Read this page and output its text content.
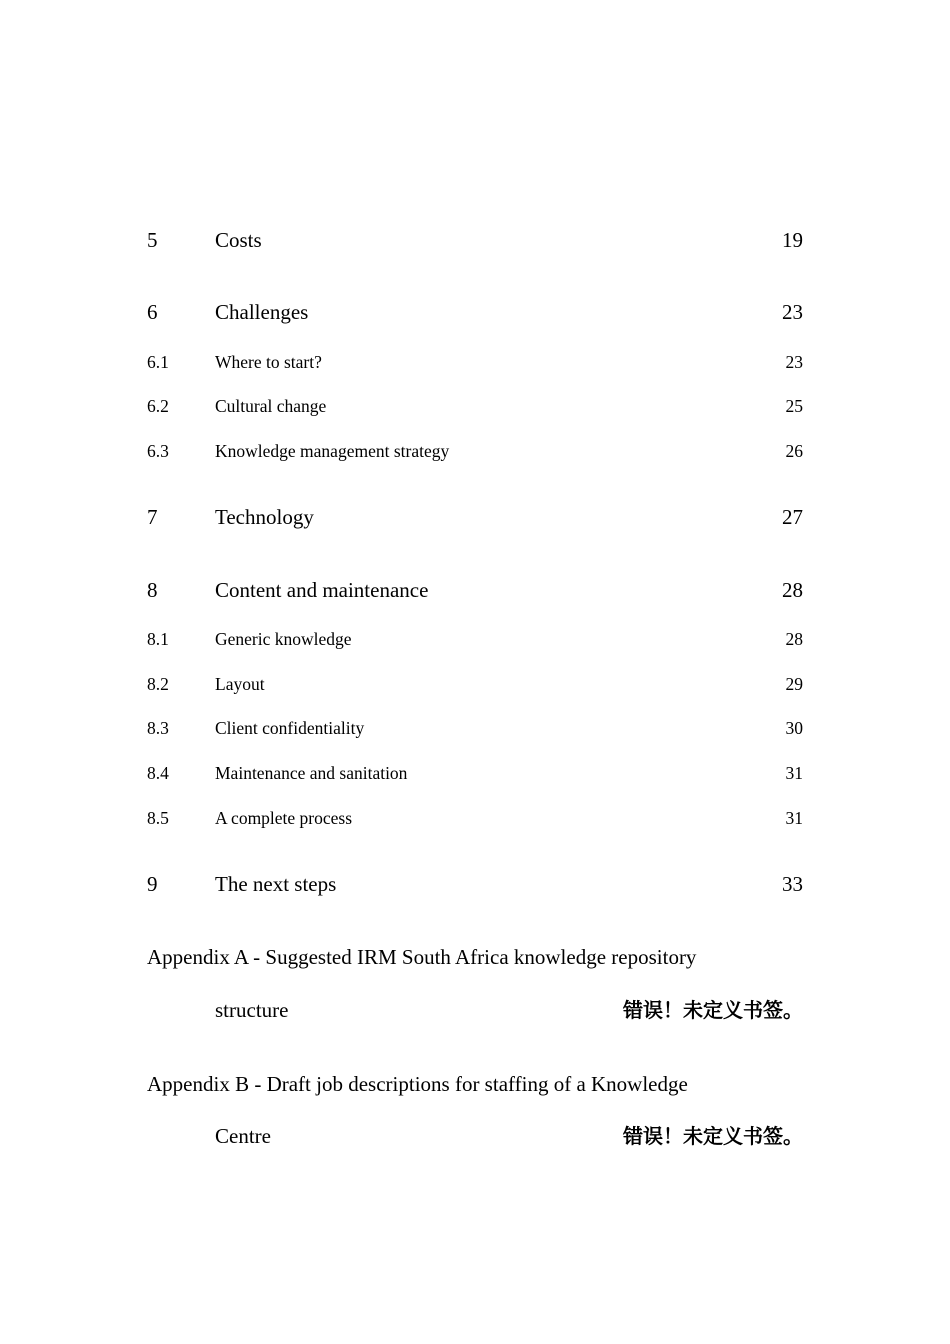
5	Costs	19
6	Challenges	23
6.1	Where to start?	23
6.2	Cultural change	25
6.3	Knowledge management strategy	26
7	Technology	27
8	Content and maintenance	28
8.1	Generic knowledge	28
8.2	Layout	29
8.3	Client confidentiality	30
8.4	Maintenance and sanitation	31
8.5	A complete process	31
9	The next steps	33
Appendix A - Suggested IRM South Africa knowledge repository
structure	错误！未定义书签。
Appendix B - Draft job descriptions for staffing of a Knowledge
Centre	错误！未定义书签。
